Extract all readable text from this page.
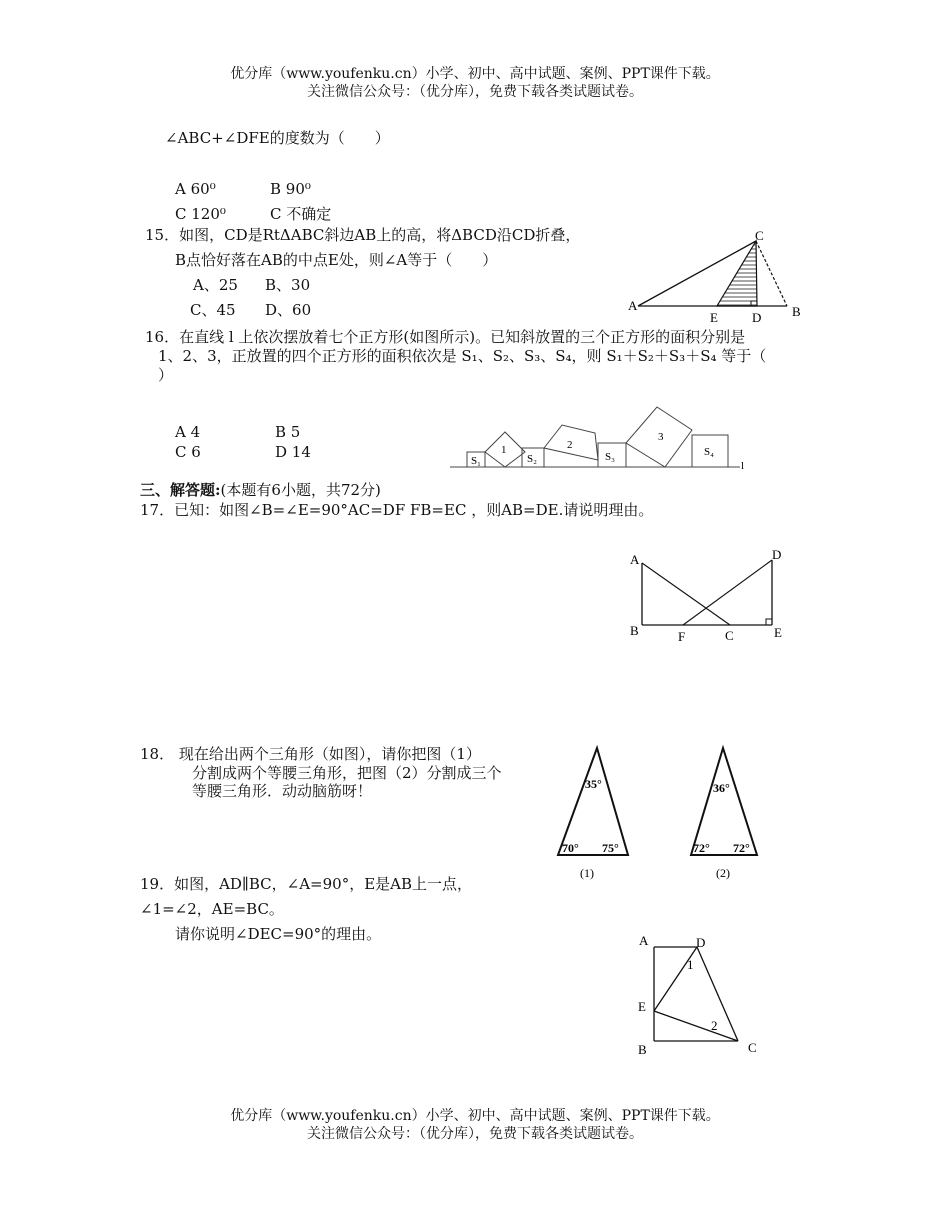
优分库（www.youfenku.cn）小学、初中、高中试题、案例、PPT课件下载。
关注微信公众号：（优分库），免费下载各类试题试卷。
∠ABC+∠DFE的度数为（　　）
A 60⁰	B 90⁰
C 120⁰	C 不确定
15．如图，CD是RtΔABC斜边AB上的高，将ΔBCD沿CD折叠，
B点恰好落在AB的中点E处，则∠A等于（　　）
A、25 B、30
C、45 D、60	A	B
C
D
E
16．在直线 l 上依次摆放着七个正方形(如图所示)。已知斜放置的三个正方形的面积分别是
1、2、3，正放置的四个正方形的面积依次是 S₁、S₂、S₃、S₄，则 S₁＋S₂＋S₃＋S₄ 等于（
）
A 4	B 5
C 6	D 14	S₁	S₂	S₃	S₄
1	2
3
l
三、解答题:(本题有6小题，共72分)
17．已知：如图∠B=∠E=90°AC=DF FB=EC ，则AB=DE.请说明理由。
A
B	C
D
E
F
18． 现在给出两个三角形（如图），请你把图（1）
分割成两个等腰三角形，把图（2）分割成三个
等腰三角形．动动脑筋呀！	35°
70° 75°
(1)
36°
72° 72°
(2)
19．如图，AD∥BC，∠A=90°，E是AB上一点，
∠1=∠2，AE=BC。
请你说明∠DEC=90°的理由。	A	D
E
B	C
1
2
优分库（www.youfenku.cn）小学、初中、高中试题、案例、PPT课件下载。
关注微信公众号：（优分库），免费下载各类试题试卷。
